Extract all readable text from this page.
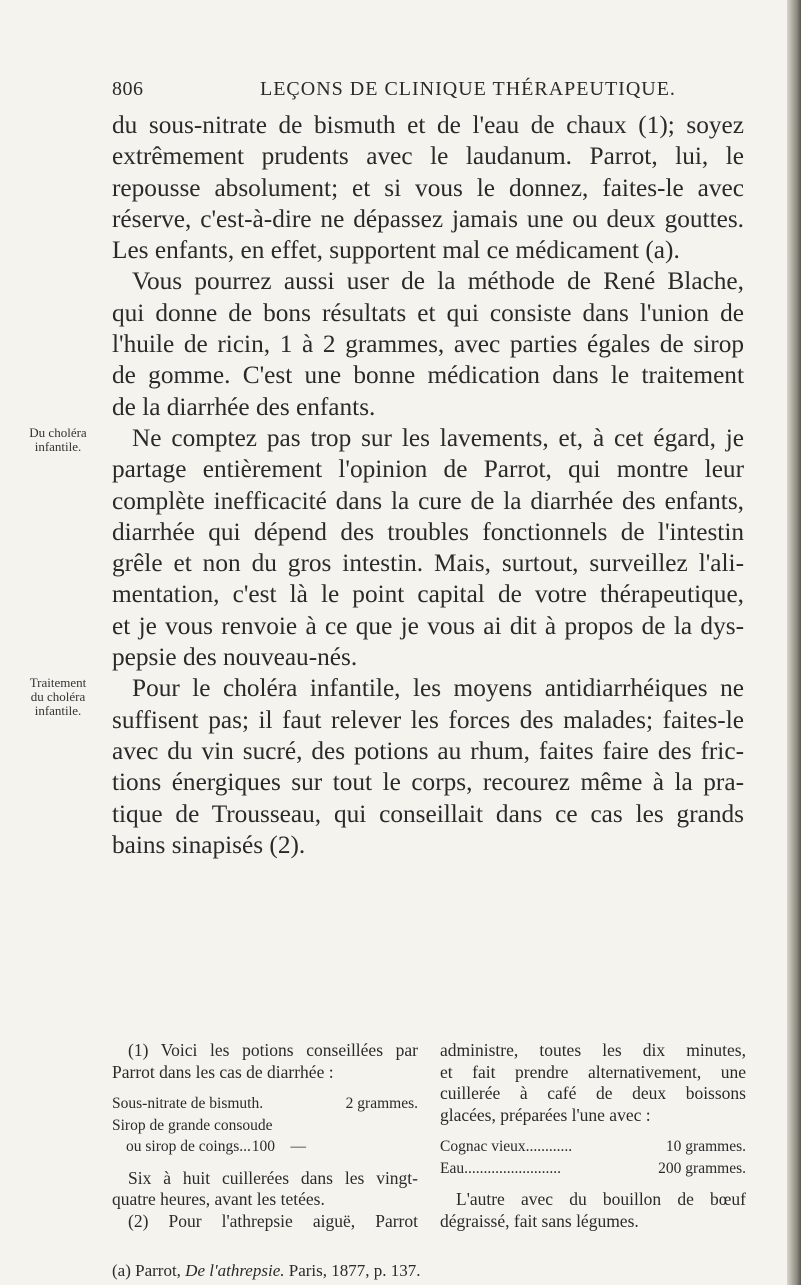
806	LEÇONS DE CLINIQUE THÉRAPEUTIQUE.
Du choléra
infantile.
Traitement
du choléra
infantile.
du sous-nitrate de bismuth et de l'eau de chaux (1); soyez
extrêmement prudents avec le laudanum. Parrot, lui, le
repousse absolument; et si vous le donnez, faites-le avec
réserve, c'est-à-dire ne dépassez jamais une ou deux gouttes.
Les enfants, en effet, supportent mal ce médicament (a).
Vous pourrez aussi user de la méthode de René Blache,
qui donne de bons résultats et qui consiste dans l'union de
l'huile de ricin, 1 à 2 grammes, avec parties égales de sirop
de gomme. C'est une bonne médication dans le traitement
de la diarrhée des enfants.
Ne comptez pas trop sur les lavements, et, à cet égard, je
partage entièrement l'opinion de Parrot, qui montre leur
complète inefficacité dans la cure de la diarrhée des enfants,
diarrhée qui dépend des troubles fonctionnels de l'intestin
grêle et non du gros intestin. Mais, surtout, surveillez l'ali-
mentation, c'est là le point capital de votre thérapeutique,
et je vous renvoie à ce que je vous ai dit à propos de la dys-
pepsie des nouveau-nés.
Pour le choléra infantile, les moyens antidiarrhéiques ne
suffisent pas; il faut relever les forces des malades; faites-le
avec du vin sucré, des potions au rhum, faites faire des fric-
tions énergiques sur tout le corps, recourez même à la pra-
tique de Trousseau, qui conseillait dans ce cas les grands
bains sinapisés (2).
(1) Voici les potions conseillées par
Parrot dans les cas de diarrhée :
Sous-nitrate de bismuth.	2 grammes.
Sirop de grande consoude
ou sirop de coings... 100    —
Six à huit cuillerées dans les vingt-
quatre heures, avant les tetées.
(2) Pour l'athrepsie aiguë, Parrot
administre, toutes les dix minutes,
et fait prendre alternativement, une
cuillerée à café de deux boissons
glacées, préparées l'une avec :
Cognac vieux............	10 grammes.
Eau.........................	200 grammes.
L'autre avec du bouillon de bœuf
dégraissé, fait sans légumes.
(a) Parrot, De l'athrepsie. Paris, 1877, p. 137.
